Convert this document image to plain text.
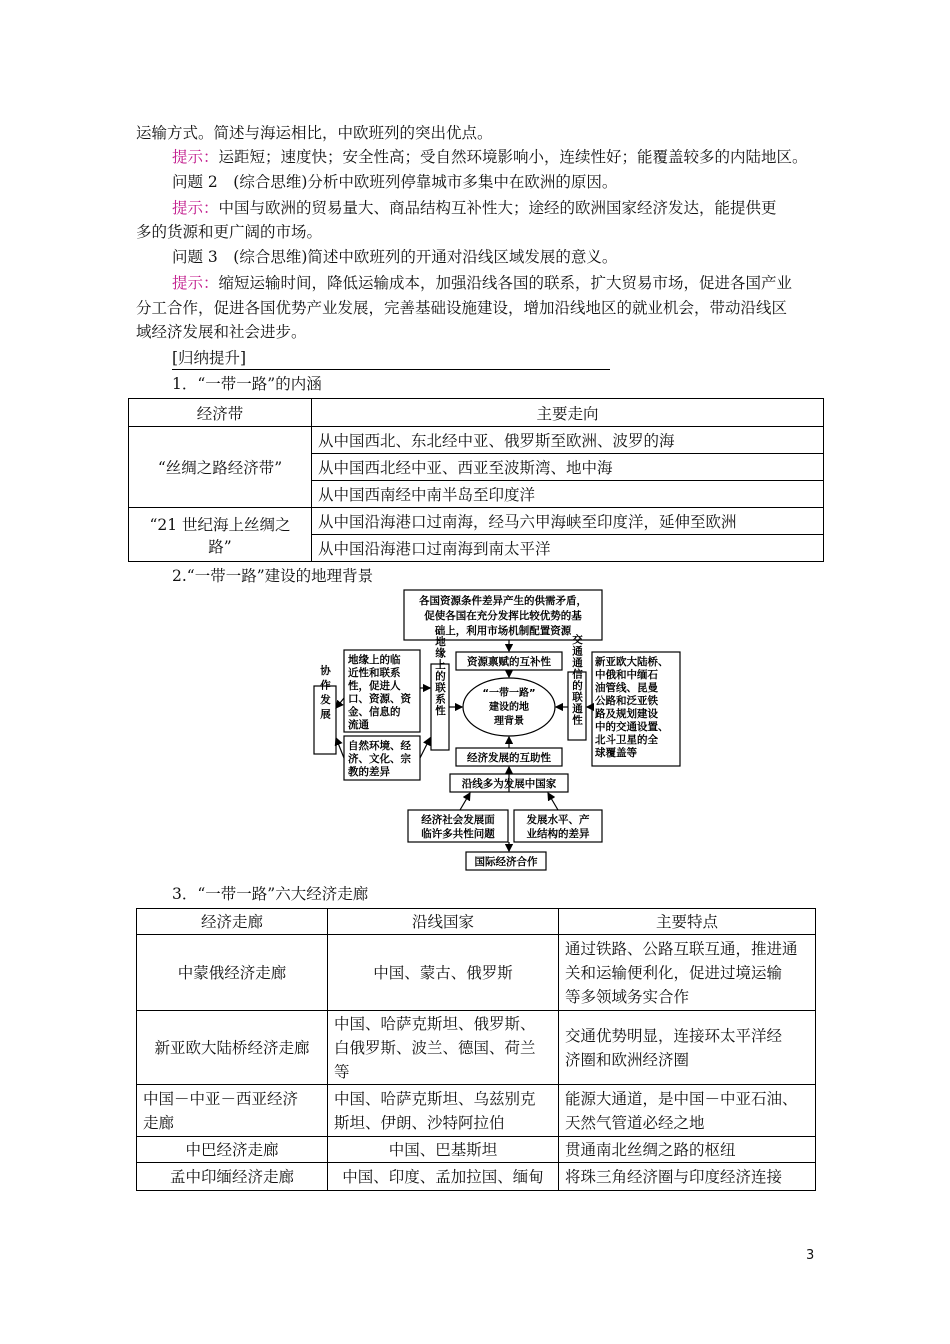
运输方式。简述与海运相比，中欧班列的突出优点。
提示：运距短；速度快；安全性高；受自然环境影响小，连续性好；能覆盖较多的内陆地区。
问题 2　(综合思维)分析中欧班列停靠城市多集中在欧洲的原因。
提示：中国与欧洲的贸易量大、商品结构互补性大；途经的欧洲国家经济发达，能提供更
多的货源和更广阔的市场。
问题 3　(综合思维)简述中欧班列的开通对沿线区域发展的意义。
提示：缩短运输时间，降低运输成本，加强沿线各国的联系，扩大贸易市场，促进各国产业
分工合作，促进各国优势产业发展，完善基础设施建设，增加沿线地区的就业机会，带动沿线区
域经济发展和社会进步。
[归纳提升]
1．“一带一路”的内涵
经济带	主要走向
“丝绸之路经济带”	从中国西北、东北经中亚、俄罗斯至欧洲、波罗的海
	从中国西北经中亚、西亚至波斯湾、地中海
	从中国西南经中南半岛至印度洋
“21 世纪海上丝绸之
路”	从中国沿海港口过南海，经马六甲海峡至印度洋，延伸至欧洲
	从中国沿海港口过南海到南太平洋
2.“一带一路”建设的地理背景
各国资源条件差异产生的供需矛盾，
促使各国在充分发挥比较优势的基
础上，利用市场机制配置资源
资源禀赋的互补性
“一带一路”
建设的地
理背景
经济发展的互助性
地缘上的联系性	交通通信的联通性
协作发展
地缘上的临
近性和联系
性，促进人
口、资源、资
金、信息的
流通
自然环境、经
济、文化、宗
教的差异
新亚欧大陆桥、
中俄和中缅石
油管线、昆曼
公路和泛亚铁
路及规划建设
中的交通设置、
北斗卫星的全
球覆盖等
沿线多为发展中国家
经济社会发展面
临许多共性问题
发展水平、产
业结构的差异
国际经济合作
3．“一带一路”六大经济走廊
经济走廊	沿线国家	主要特点
中蒙俄经济走廊	中国、蒙古、俄罗斯	通过铁路、公路互联互通，推进通
关和运输便利化，促进过境运输
等多领域务实合作
新亚欧大陆桥经济走廊	中国、哈萨克斯坦、俄罗斯、
白俄罗斯、波兰、德国、荷兰
等	交通优势明显，连接环太平洋经
济圈和欧洲经济圈
中国－中亚－西亚经济
走廊	中国、哈萨克斯坦、乌兹别克
斯坦、伊朗、沙特阿拉伯	能源大通道，是中国－中亚石油、
天然气管道必经之地
中巴经济走廊	中国、巴基斯坦	贯通南北丝绸之路的枢纽
孟中印缅经济走廊	中国、印度、孟加拉国、缅甸	将珠三角经济圈与印度经济连接
3
